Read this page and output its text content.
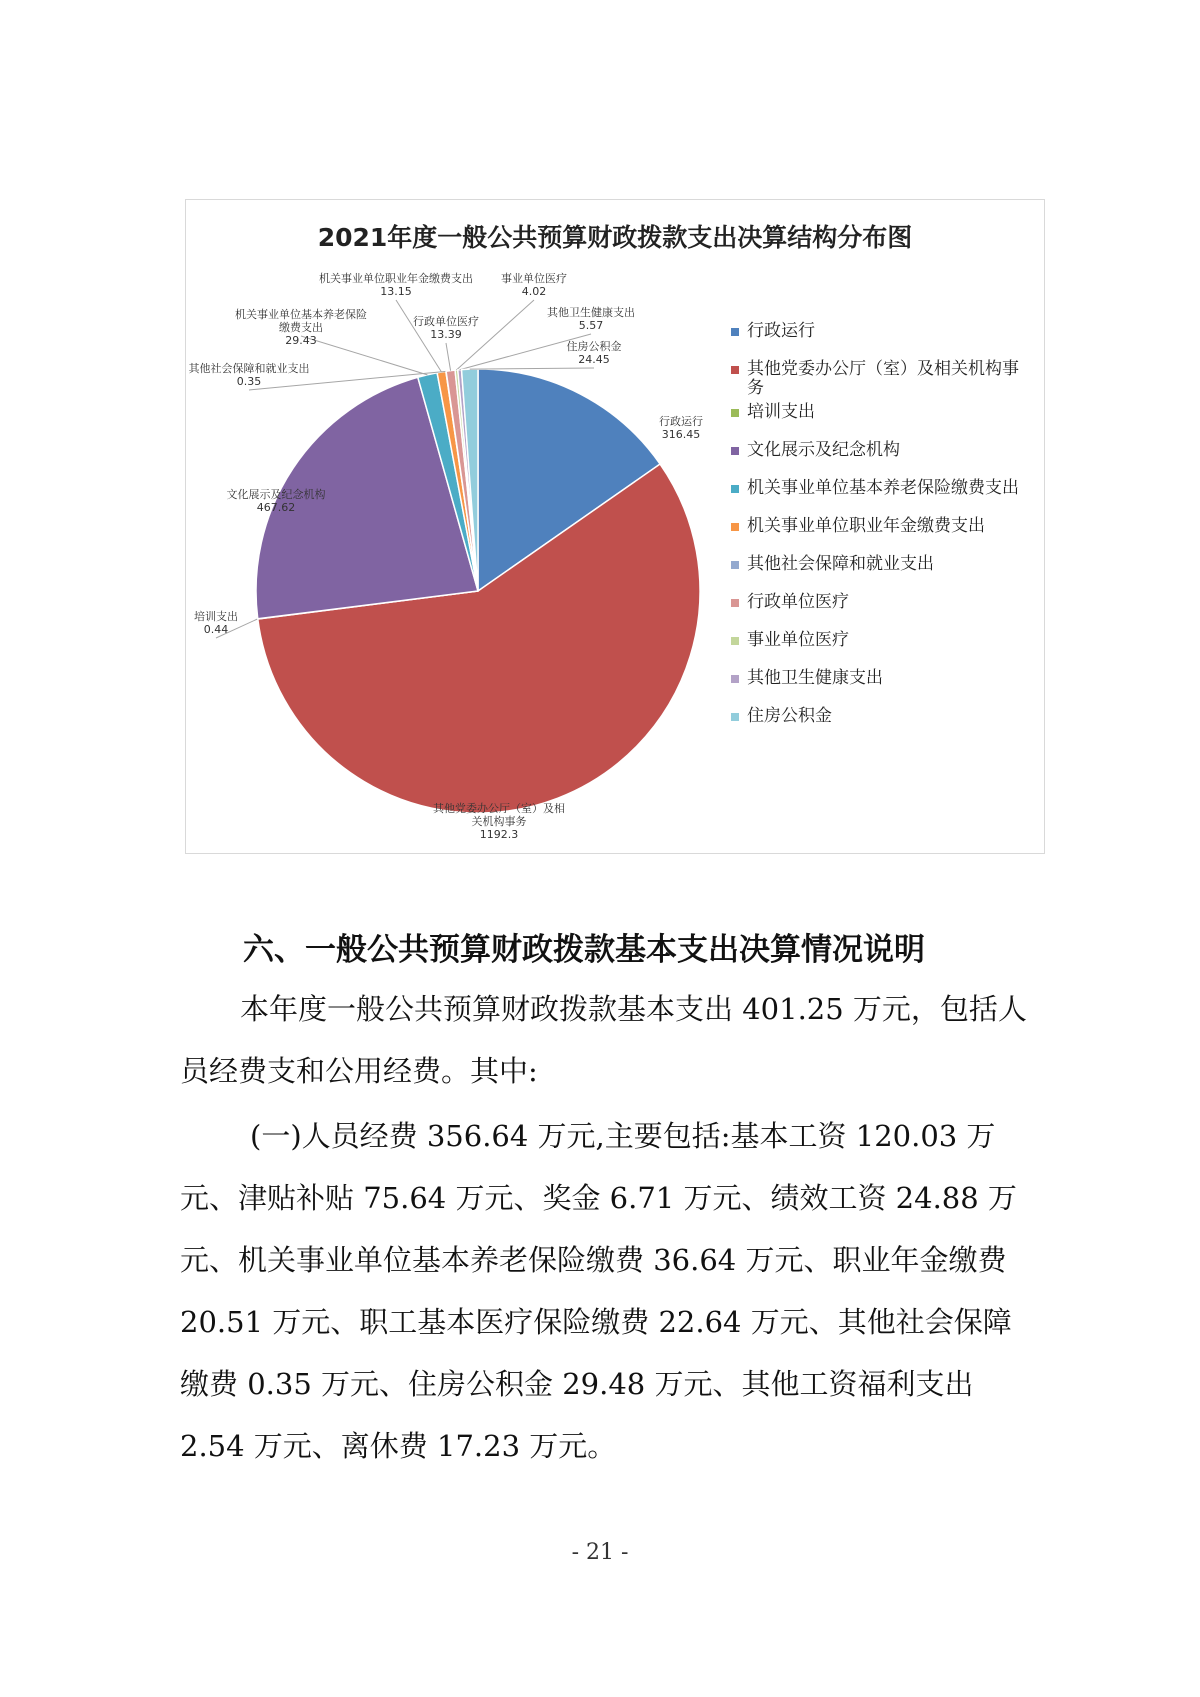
2021年度一般公共预算财政拨款支出决算结构分布图
行政运行 316.45
其他党委办公厅（室）及相关机构事务 1192.3
培训支出 0.44
文化展示及纪念机构 467.62
机关事业单位基本养老保险缴费支出 29.43
机关事业单位职业年金缴费支出 13.15
其他社会保障和就业支出 0.35
行政单位医疗 13.39
事业单位医疗 4.02
其他卫生健康支出 5.57
住房公积金 24.45
行政运行
其他党委办公厅（室）及相关机构事务
培训支出
文化展示及纪念机构
机关事业单位基本养老保险缴费支出
机关事业单位职业年金缴费支出
其他社会保障和就业支出
行政单位医疗
事业单位医疗
其他卫生健康支出
住房公积金
六、一般公共预算财政拨款基本支出决算情况说明
本年度一般公共预算财政拨款基本支出 401.25 万元，包括人员经费支和公用经费。其中:
(一)人员经费 356.64 万元,主要包括:基本工资 120.03 万元、津贴补贴 75.64 万元、奖金 6.71 万元、绩效工资 24.88 万元、机关事业单位基本养老保险缴费 36.64 万元、职业年金缴费 20.51 万元、职工基本医疗保险缴费 22.64 万元、其他社会保障缴费 0.35 万元、住房公积金 29.48 万元、其他工资福利支出 2.54 万元、离休费 17.23 万元。
- 21 -
